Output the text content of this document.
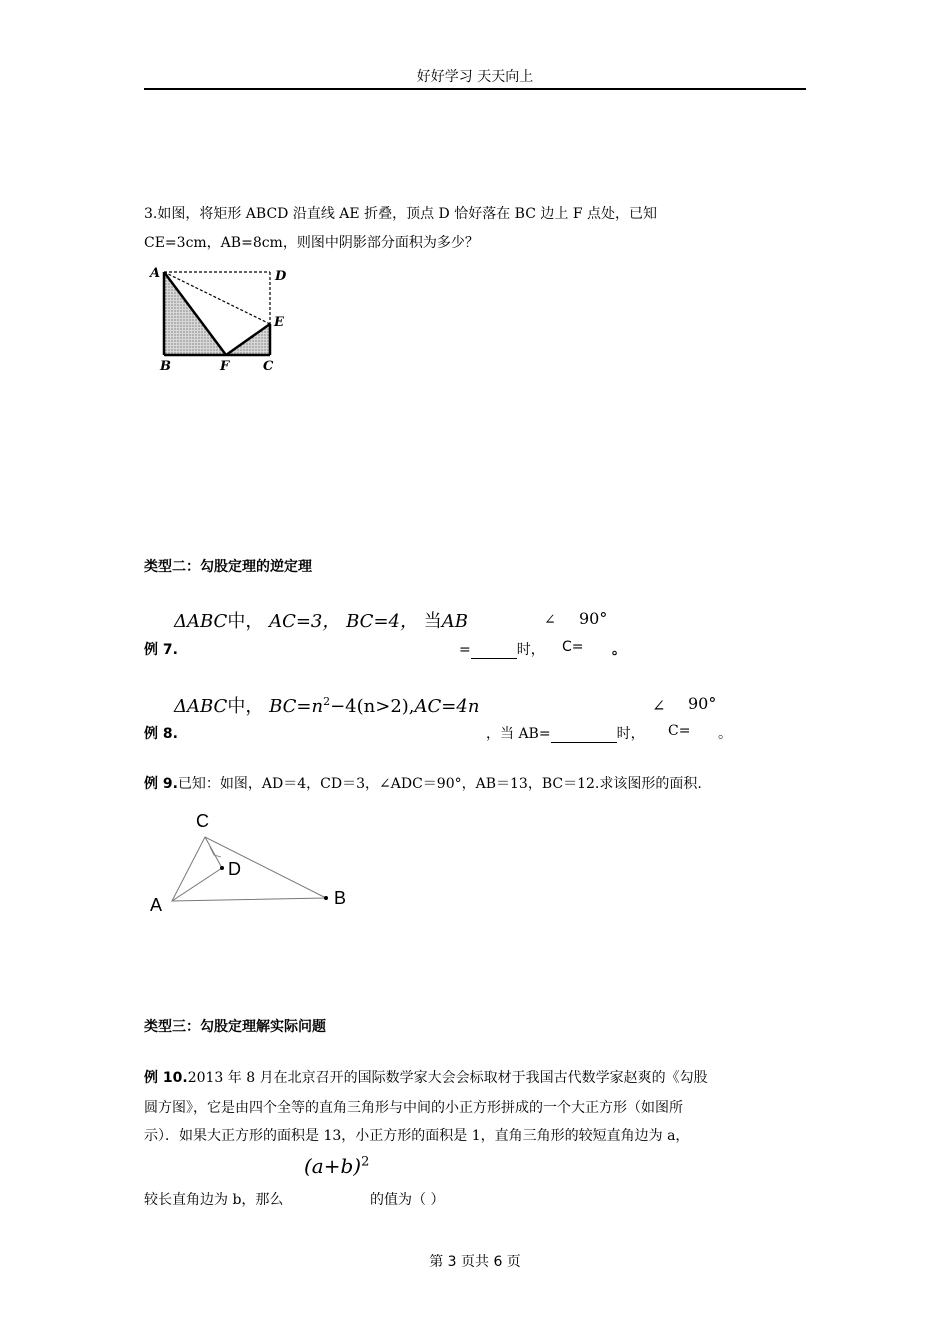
好好学习 天天向上
3.如图，将矩形 ABCD 沿直线 AE 折叠，顶点 D 恰好落在 BC 边上 F 点处，已知
CE=3cm，AB=8cm，则图中阴影部分面积为多少？
A	D
E
B	F	C
类型二：勾股定理的逆定理
ΔABC中， AC=3， BC=4， 当AB	∠ 90°
例 7.	=	时， C= 。
ΔABC中， $BC=n^2-4(n>2),AC=4n$	∠ 90°
例 8.	，当 AB=	时， C= 。
例 9.已知：如图，AD＝4，CD＝3，∠ADC＝90°，AB＝13，BC＝12.求该图形的面积.
C
D
A	B
类型三：勾股定理解实际问题
例 10.2013 年 8 月在北京召开的国际数学家大会会标取材于我国古代数学家赵爽的《勾股
圆方图》，它是由四个全等的直角三角形与中间的小正方形拼成的一个大正方形（如图所
示）．如果大正方形的面积是 13，小正方形的面积是 1，直角三角形的较短直角边为 a，
$(a+b)^2$
较长直角边为 b，那么	的值为（ ）
第 3 页共 6 页
